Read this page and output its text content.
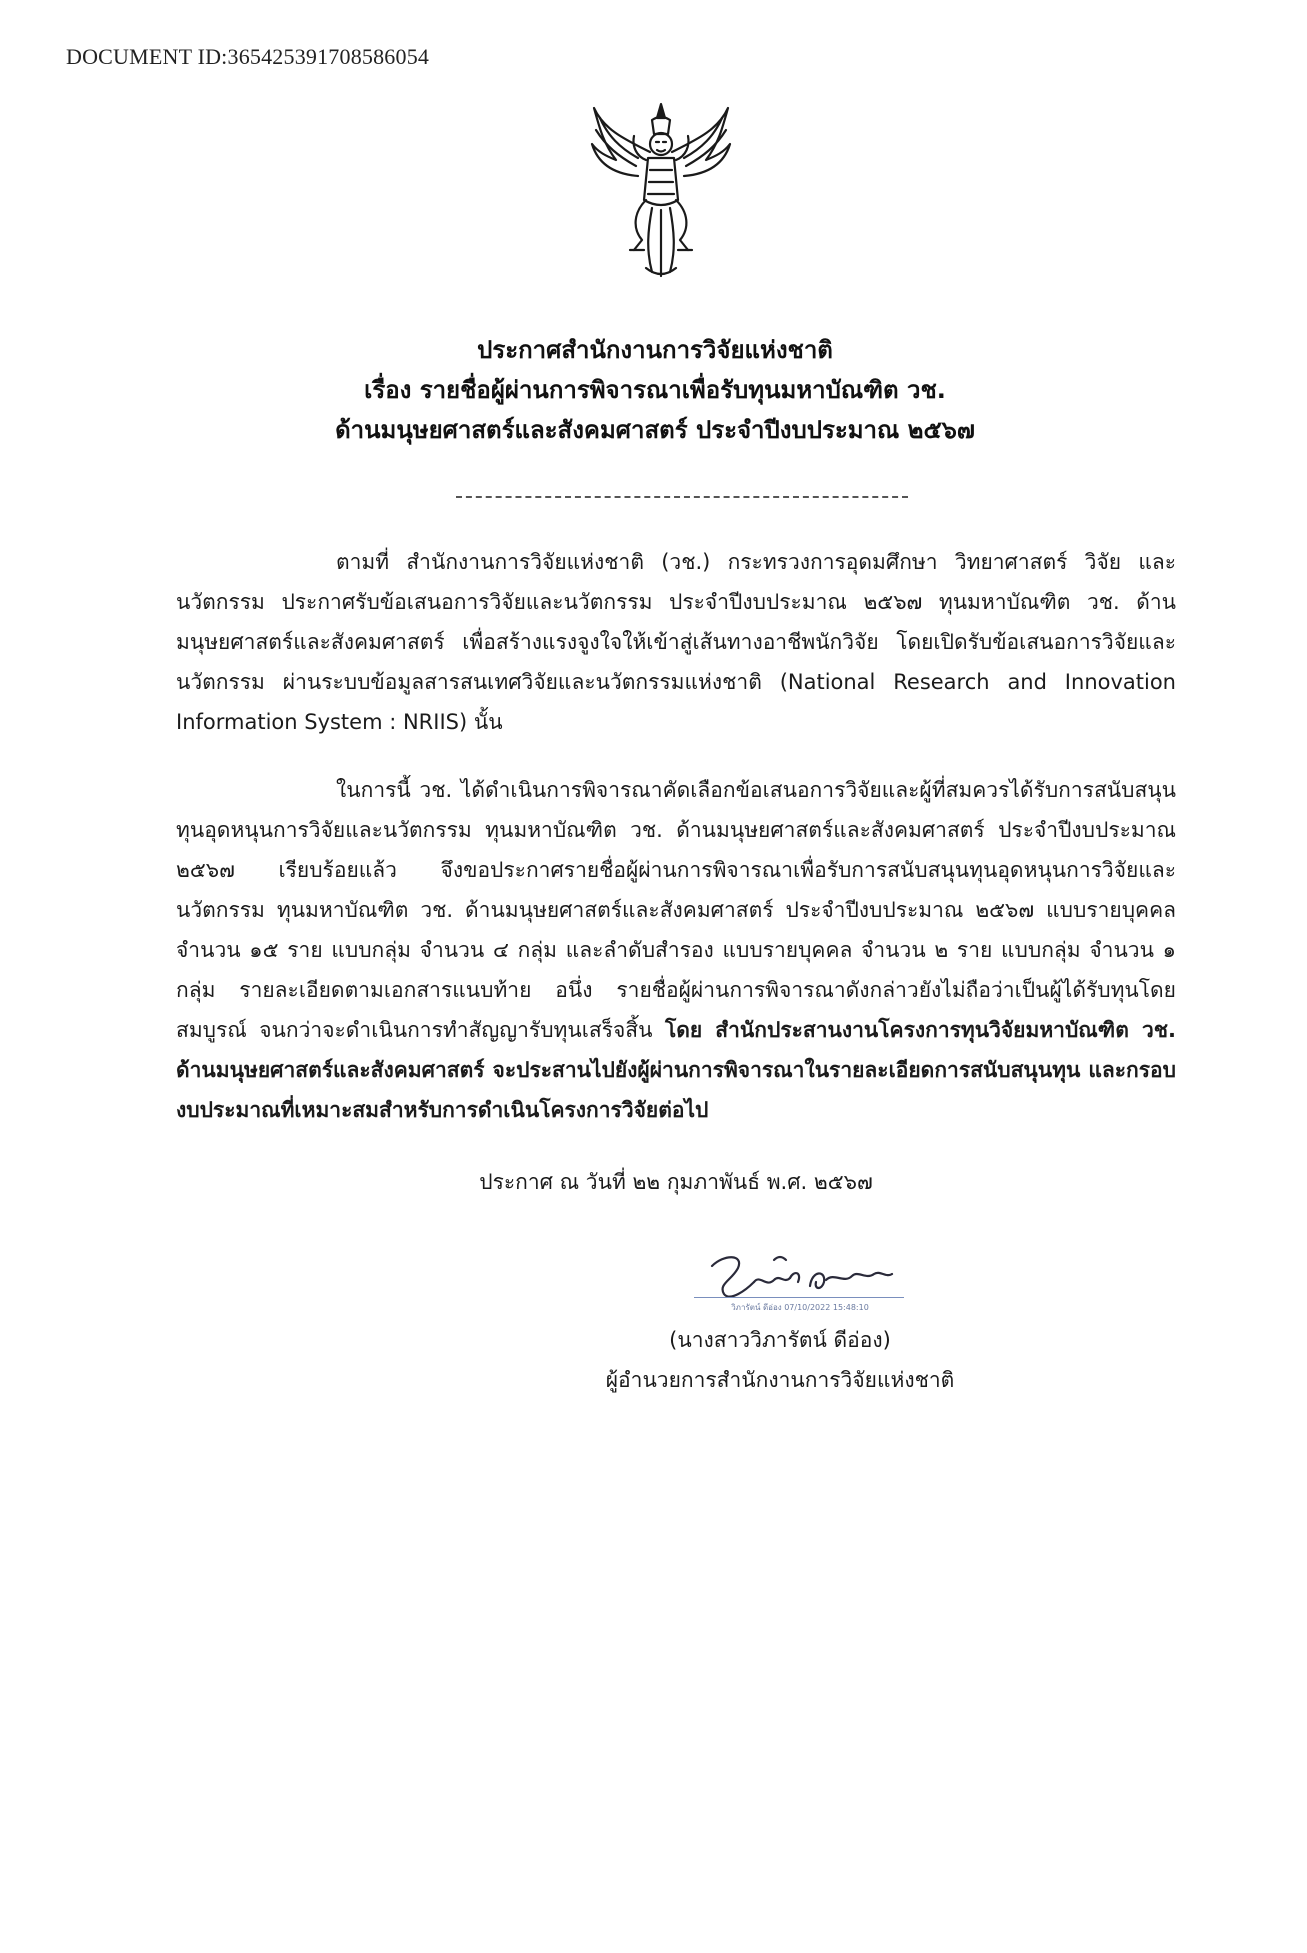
DOCUMENT ID:365425391708586054
ประกาศสำนักงานการวิจัยแห่งชาติ
เรื่อง รายชื่อผู้ผ่านการพิจารณาเพื่อรับทุนมหาบัณฑิต วช.
ด้านมนุษยศาสตร์และสังคมศาสตร์ ประจำปีงบประมาณ ๒๕๖๗

ตามที่ สำนักงานการวิจัยแห่งชาติ (วช.) กระทรวงการอุดมศึกษา วิทยาศาสตร์ วิจัย และนวัตกรรม ประกาศรับข้อเสนอการวิจัยและนวัตกรรม ประจำปีงบประมาณ ๒๕๖๗ ทุนมหาบัณฑิต วช. ด้านมนุษยศาสตร์และสังคมศาสตร์ เพื่อสร้างแรงจูงใจให้เข้าสู่เส้นทางอาชีพนักวิจัย โดยเปิดรับข้อเสนอการวิจัยและนวัตกรรม ผ่านระบบข้อมูลสารสนเทศวิจัยและนวัตกรรมแห่งชาติ (National Research and Innovation Information System : NRIIS) นั้น

ในการนี้ วช. ได้ดำเนินการพิจารณาคัดเลือกข้อเสนอการวิจัยและผู้ที่สมควรได้รับการสนับสนุนทุนอุดหนุนการวิจัยและนวัตกรรม ทุนมหาบัณฑิต วช. ด้านมนุษยศาสตร์และสังคมศาสตร์ ประจำปีงบประมาณ ๒๕๖๗ เรียบร้อยแล้ว จึงขอประกาศรายชื่อผู้ผ่านการพิจารณาเพื่อรับการสนับสนุนทุนอุดหนุนการวิจัยและนวัตกรรม ทุนมหาบัณฑิต วช. ด้านมนุษยศาสตร์และสังคมศาสตร์ ประจำปีงบประมาณ ๒๕๖๗ แบบรายบุคคล จำนวน ๑๕ ราย แบบกลุ่ม จำนวน ๔ กลุ่ม และลำดับสำรอง แบบรายบุคคล จำนวน ๒ ราย แบบกลุ่ม จำนวน ๑ กลุ่ม รายละเอียดตามเอกสารแนบท้าย อนึ่ง รายชื่อผู้ผ่านการพิจารณาดังกล่าวยังไม่ถือว่าเป็นผู้ได้รับทุนโดยสมบูรณ์ จนกว่าจะดำเนินการทำสัญญารับทุนเสร็จสิ้น โดย สำนักประสานงานโครงการทุนวิจัยมหาบัณฑิต วช. ด้านมนุษยศาสตร์และสังคมศาสตร์ จะประสานไปยังผู้ผ่านการพิจารณาในรายละเอียดการสนับสนุนทุน และกรอบงบประมาณที่เหมาะสมสำหรับการดำเนินโครงการวิจัยต่อไป

ประกาศ ณ วันที่ ๒๒ กุมภาพันธ์ พ.ศ. ๒๕๖๗
วิภารัตน์ ดีอ่อง 07/10/2022 15:48:10
(นางสาววิภารัตน์ ดีอ่อง)
ผู้อำนวยการสำนักงานการวิจัยแห่งชาติ
